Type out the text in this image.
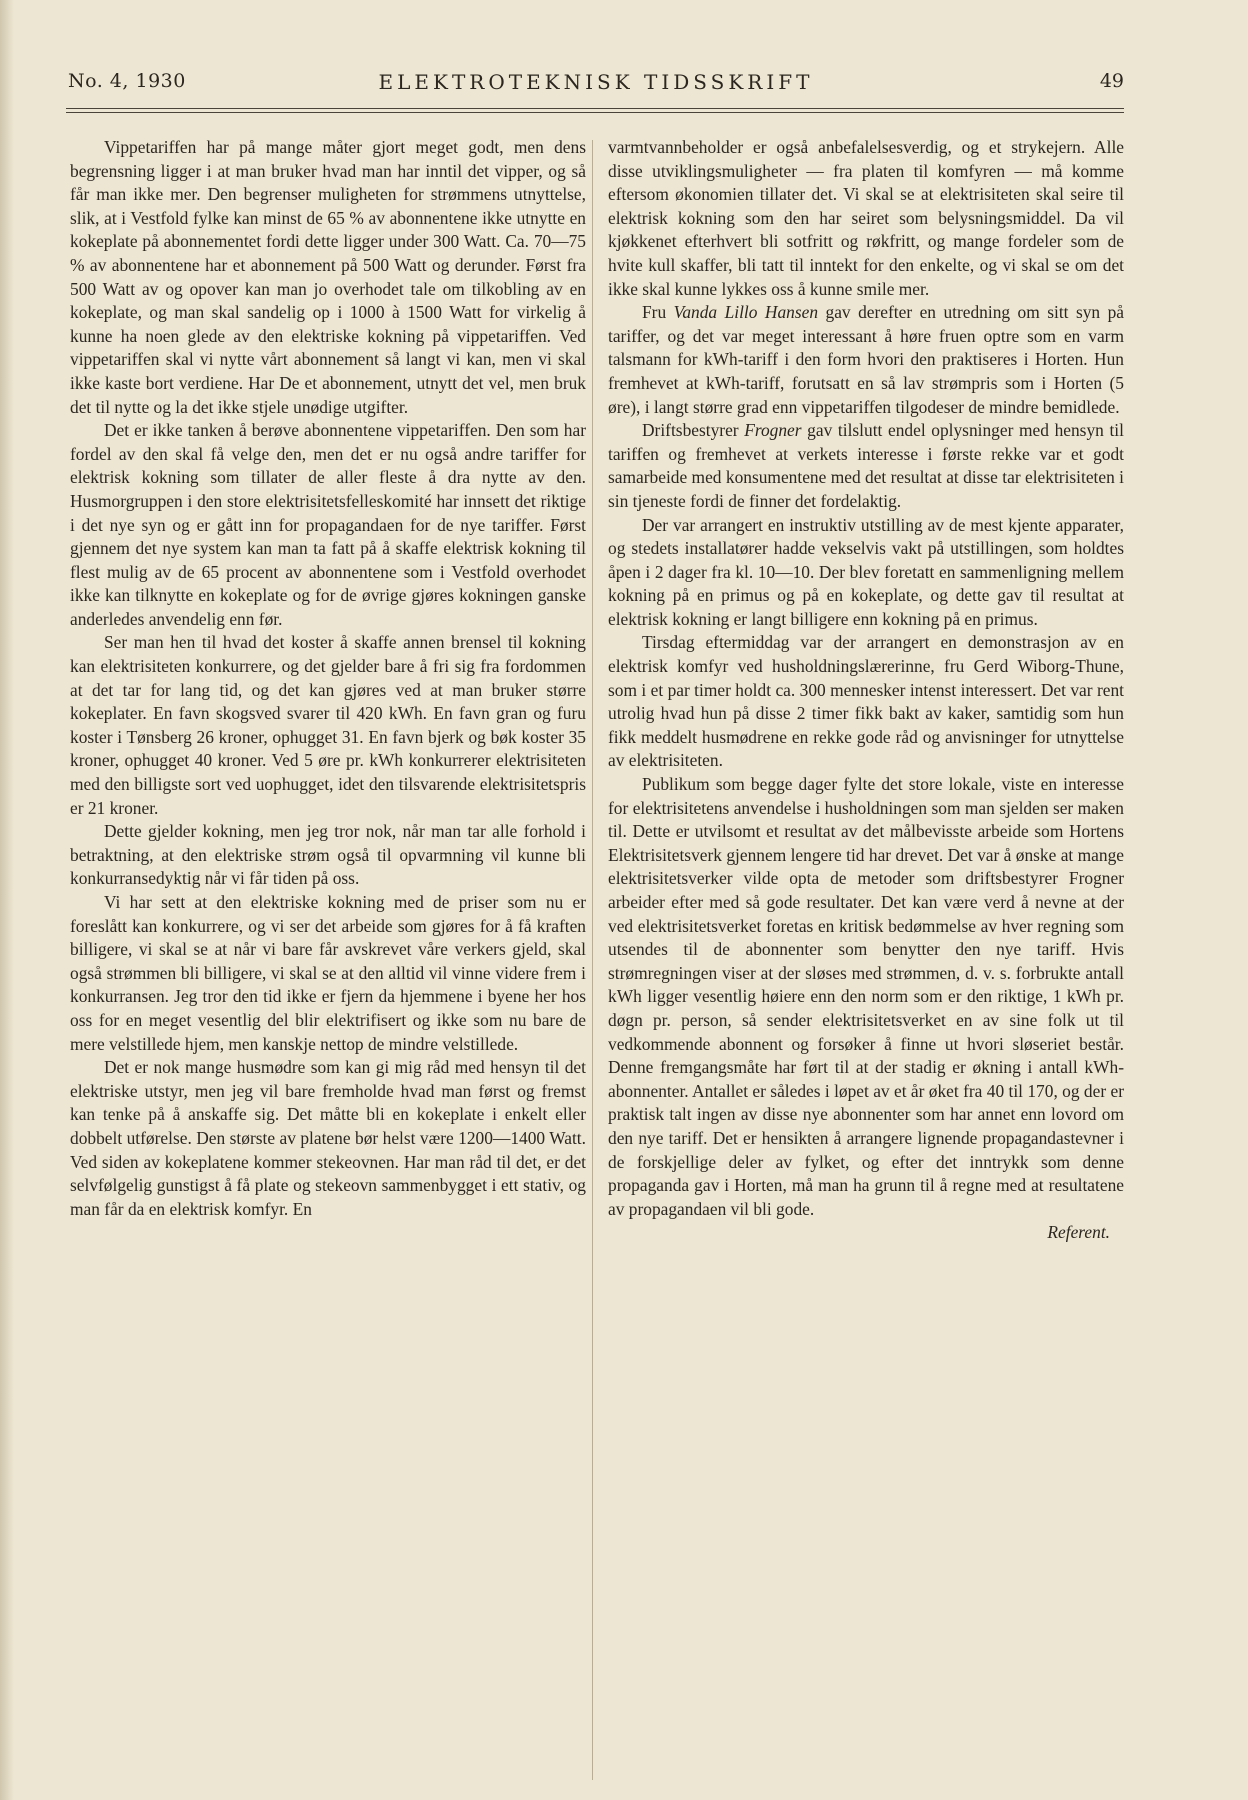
No. 4, 1930	ELEKTROTEKNISK TIDSSKRIFT	49

Vippetariffen har på mange måter gjort meget godt, men dens begrensning ligger i at man bruker hvad man har inntil det vipper, og så får man ikke mer. Den begrenser muligheten for strømmens utnyttelse, slik, at i Vestfold fylke kan minst de 65 % av abonnentene ikke utnytte en kokeplate på abonnementet fordi dette ligger under 300 Watt. Ca. 70—75 % av abonnentene har et abonnement på 500 Watt og derunder. Først fra 500 Watt av og opover kan man jo overhodet tale om tilkobling av en kokeplate, og man skal sandelig op i 1000 à 1500 Watt for virkelig å kunne ha noen glede av den elektriske kokning på vippetariffen. Ved vippetariffen skal vi nytte vårt abonnement så langt vi kan, men vi skal ikke kaste bort verdiene. Har De et abonnement, utnytt det vel, men bruk det til nytte og la det ikke stjele unødige utgifter.

Det er ikke tanken å berøve abonnentene vippetariffen. Den som har fordel av den skal få velge den, men det er nu også andre tariffer for elektrisk kokning som tillater de aller fleste å dra nytte av den. Husmorgruppen i den store elektrisitetsfelleskomité har innsett det riktige i det nye syn og er gått inn for propagandaen for de nye tariffer. Først gjennem det nye system kan man ta fatt på å skaffe elektrisk kokning til flest mulig av de 65 procent av abonnentene som i Vestfold overhodet ikke kan tilknytte en kokeplate og for de øvrige gjøres kokningen ganske anderledes anvendelig enn før.

Ser man hen til hvad det koster å skaffe annen brensel til kokning kan elektrisiteten konkurrere, og det gjelder bare å fri sig fra fordommen at det tar for lang tid, og det kan gjøres ved at man bruker større kokeplater. En favn skogsved svarer til 420 kWh. En favn gran og furu koster i Tønsberg 26 kroner, ophugget 31. En favn bjerk og bøk koster 35 kroner, ophugget 40 kroner. Ved 5 øre pr. kWh konkurrerer elektrisiteten med den billigste sort ved uophugget, idet den tilsvarende elektrisitetspris er 21 kroner.

Dette gjelder kokning, men jeg tror nok, når man tar alle forhold i betraktning, at den elektriske strøm også til opvarmning vil kunne bli konkurransedyktig når vi får tiden på oss.

Vi har sett at den elektriske kokning med de priser som nu er foreslått kan konkurrere, og vi ser det arbeide som gjøres for å få kraften billigere, vi skal se at når vi bare får avskrevet våre verkers gjeld, skal også strømmen bli billigere, vi skal se at den alltid vil vinne videre frem i konkurransen. Jeg tror den tid ikke er fjern da hjemmene i byene her hos oss for en meget vesentlig del blir elektrifisert og ikke som nu bare de mere velstillede hjem, men kanskje nettop de mindre velstillede.

Det er nok mange husmødre som kan gi mig råd med hensyn til det elektriske utstyr, men jeg vil bare fremholde hvad man først og fremst kan tenke på å anskaffe sig. Det måtte bli en kokeplate i enkelt eller dobbelt utførelse. Den største av platene bør helst være 1200—1400 Watt. Ved siden av kokeplatene kommer stekeovnen. Har man råd til det, er det selvfølgelig gunstigst å få plate og stekeovn sammenbygget i ett stativ, og man får da en elektrisk komfyr. En

varmtvannbeholder er også anbefalelsesverdig, og et strykejern. Alle disse utviklingsmuligheter — fra platen til komfyren — må komme eftersom økonomien tillater det. Vi skal se at elektrisiteten skal seire til elektrisk kokning som den har seiret som belysningsmiddel. Da vil kjøkkenet efterhvert bli sotfritt og røkfritt, og mange fordeler som de hvite kull skaffer, bli tatt til inntekt for den enkelte, og vi skal se om det ikke skal kunne lykkes oss å kunne smile mer.

Fru Vanda Lillo Hansen gav derefter en utredning om sitt syn på tariffer, og det var meget interessant å høre fruen optre som en varm talsmann for kWh-tariff i den form hvori den praktiseres i Horten. Hun fremhevet at kWh-tariff, forutsatt en så lav strømpris som i Horten (5 øre), i langt større grad enn vippetariffen tilgodeser de mindre bemidlede.

Driftsbestyrer Frogner gav tilslutt endel oplysninger med hensyn til tariffen og fremhevet at verkets interesse i første rekke var et godt samarbeide med konsumentene med det resultat at disse tar elektrisiteten i sin tjeneste fordi de finner det fordelaktig.

Der var arrangert en instruktiv utstilling av de mest kjente apparater, og stedets installatører hadde vekselvis vakt på utstillingen, som holdtes åpen i 2 dager fra kl. 10—10. Der blev foretatt en sammenligning mellem kokning på en primus og på en kokeplate, og dette gav til resultat at elektrisk kokning er langt billigere enn kokning på en primus.

Tirsdag eftermiddag var der arrangert en demonstrasjon av en elektrisk komfyr ved husholdningslærerinne, fru Gerd Wiborg-Thune, som i et par timer holdt ca. 300 mennesker intenst interessert. Det var rent utrolig hvad hun på disse 2 timer fikk bakt av kaker, samtidig som hun fikk meddelt husmødrene en rekke gode råd og anvisninger for utnyttelse av elektrisiteten.

Publikum som begge dager fylte det store lokale, viste en interesse for elektrisitetens anvendelse i husholdningen som man sjelden ser maken til. Dette er utvilsomt et resultat av det målbevisste arbeide som Hortens Elektrisitetsverk gjennem lengere tid har drevet. Det var å ønske at mange elektrisitetsverker vilde opta de metoder som driftsbestyrer Frogner arbeider efter med så gode resultater. Det kan være verd å nevne at der ved elektrisitetsverket foretas en kritisk bedømmelse av hver regning som utsendes til de abonnenter som benytter den nye tariff. Hvis strømregningen viser at der sløses med strømmen, d. v. s. forbrukte antall kWh ligger vesentlig høiere enn den norm som er den riktige, 1 kWh pr. døgn pr. person, så sender elektrisitetsverket en av sine folk ut til vedkommende abonnent og forsøker å finne ut hvori sløseriet består. Denne fremgangsmåte har ført til at der stadig er økning i antall kWh-abonnenter. Antallet er således i løpet av et år øket fra 40 til 170, og der er praktisk talt ingen av disse nye abonnenter som har annet enn lovord om den nye tariff. Det er hensikten å arrangere lignende propagandastevner i de forskjellige deler av fylket, og efter det inntrykk som denne propaganda gav i Horten, må man ha grunn til å regne med at resultatene av propagandaen vil bli gode.

Referent.
